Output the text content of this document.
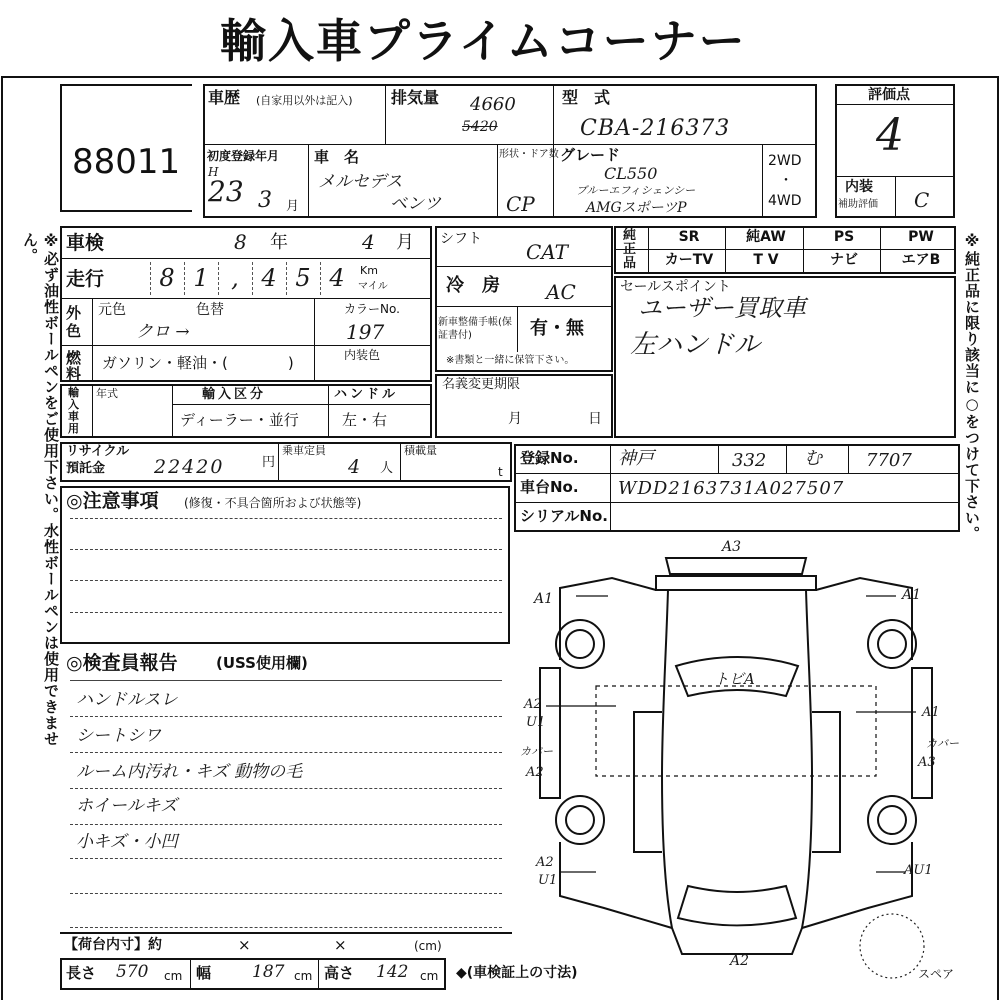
輸入車プライムコーナー
88011
※必ず油性ボールペンをご使用下さい。水性ボールペンは使用できません。	※純正品に限り該当に○をつけて下さい。
車歴 (自家用以外は記入) 排気量 4660
5420
型　式
CBA-216373
初度登録年月
H
23 3 月
車　名
メルセデス
ベンツ
形状・ドア数
CP
グレード
CL550
ブルーエフィシェンシー
AMGスポーツP
2WD
・
4WD
評価点
4
内装
補助評価 C
車検	8 年	4 月
走行	8 1 , 4 5 4	Km
マイル
外色
元色	色替
クロ →
カラーNo.
197
燃料
ガソリン・軽油・(　　　　)	内装色
シフト
CAT
冷　房 AC
新車整備手帳(保証書付)	有・無
※書類と一緒に保管下さい。
純正品
SR	純AW	PS	PW
カーTV	T V	ナビ	エアB
セールスポイント
ユーザー買取車
左ハンドル
輸入車用
年式	輸入区分
ディーラー・並行
ハンドル
左・右
名義変更期限
月	日
リサイクル
預託金	22420	円
乗車定員
4 人
積載量
t
登録No. 神戸	332 む 7707
車台No. WDD2163731A027507
シリアルNo.
◎注意事項 (修復・不具合箇所および状態等)
◎検査員報告	(USS使用欄)
ハンドルスレ
シートシワ
ルーム内汚れ・キズ 動物の毛
ホイールキズ
小キズ・小凹
【荷台内寸】約	×	×	(cm)
長さ 570 cm 幅 187 cm 高さ 142 cm ◆(車検証上の寸法)
A3
A1	A1
A2
U1
カバー
A2
A1
カバー
A3
A2
U1
AU1
A2
トビA
スペア
